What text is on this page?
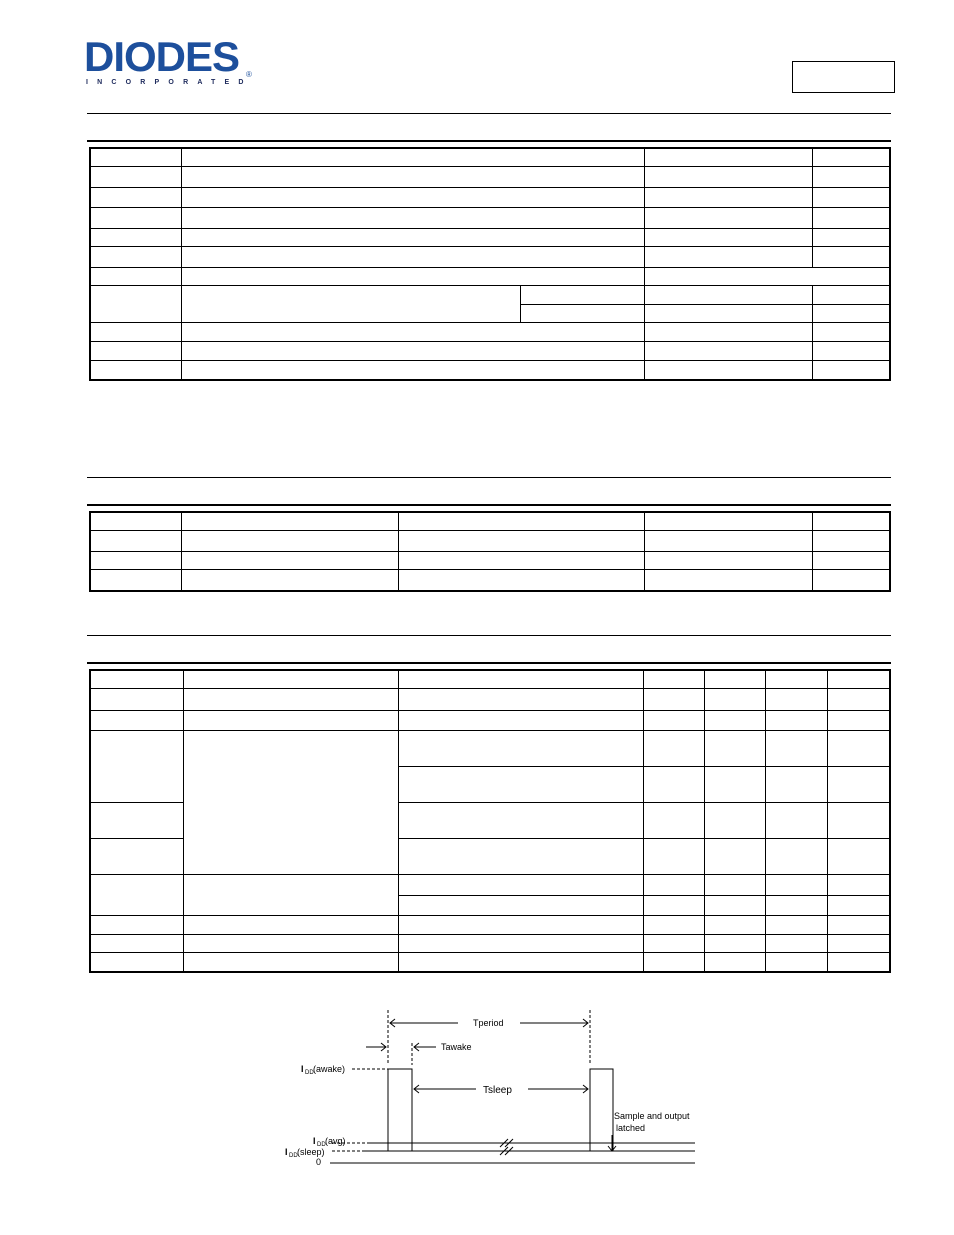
DIODES ®
INCORPORATED

Tperiod
Tawake
Tsleep
Sample and output
latched
I DD (awake)
I DD (avg)
I DD (sleep)
0
